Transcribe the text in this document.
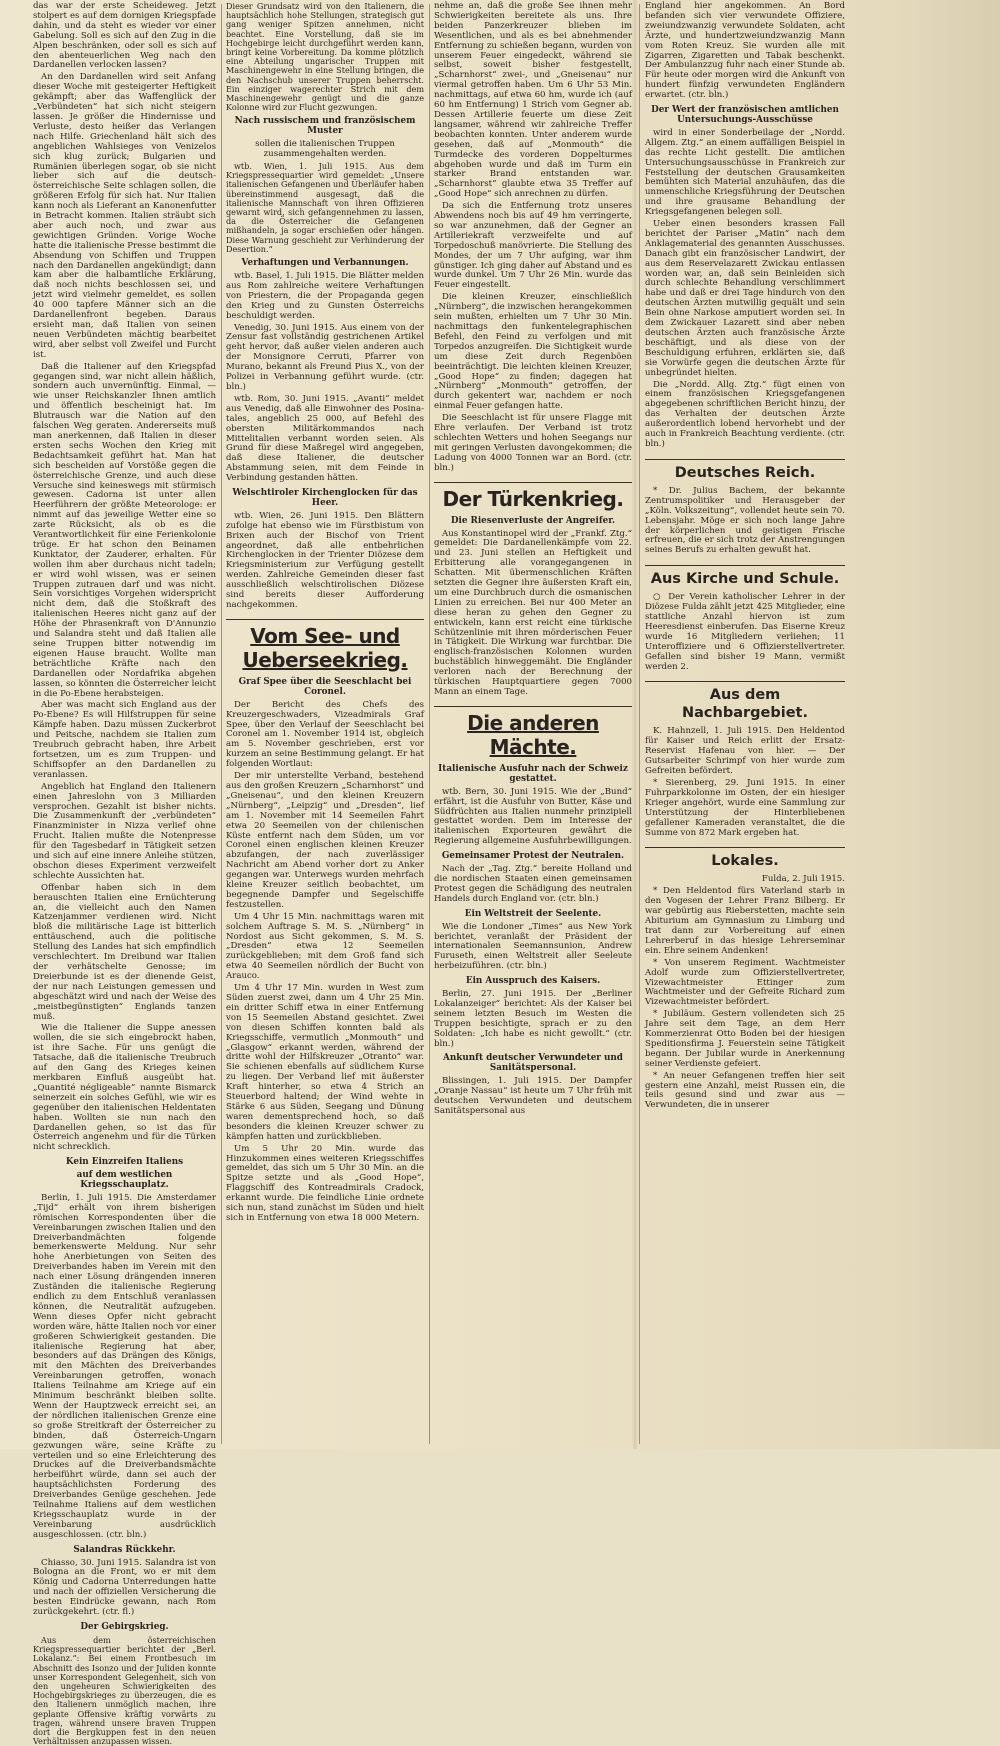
das war der erste Scheideweg. Jetzt stolpert es auf dem dornigen Kriegspfade dahin, und da steht es wieder vor einer Gabelung. Soll es sich auf den Zug in die Alpen beschränken, oder soll es sich auf den abenteuerlichen Weg nach den Dardanellen verlocken lassen?

An den Dardanellen wird seit Anfang dieser Woche mit gesteigerter Heftigkeit gekämpft; aber das Waffenglück der „Verbündeten“ hat sich nicht steigern lassen. Je größer die Hindernisse und Verluste, desto heißer das Verlangen nach Hilfe. Griechenland hält sich des angeblichen Wahlsieges von Venizelos sich klug zurück; Bulgarien und Rumänien überlegen sogar, ob sie nicht lieber sich auf die deutsch-österreichische Seite schlagen sollen, die größeren Erfolg für sich hat. Nur Italien kann noch als Lieferant an Kanonenfutter in Betracht kommen. Italien sträubt sich aber auch noch, und zwar aus gewichtigen Gründen. Vorige Woche hatte die italienische Presse bestimmt die Absendung von Schiffen und Truppen nach den Dardanellen angekündigt; dann kam aber die halbamtliche Erklärung, daß noch nichts beschlossen sei, und jetzt wird vielmehr gemeldet, es sollen 40 000 tapfere Männer sich an die Dardanellenfront begeben. Daraus ersieht man, daß Italien von seinen neuen Verbündeten mächtig bearbeitet wird, aber selbst voll Zweifel und Furcht ist.

Daß die Italiener auf den Kriegspfad gegangen sind, war nicht allein häßlich, sondern auch unvernünftig. Einmal, — wie unser Reichskanzler Ihnen amtlich und öffentlich bescheinigt hat. Im Blutrausch war die Nation auf den falschen Weg geraten. Andererseits muß man anerkennen, daß Italien in dieser ersten sechs Wochen den Krieg mit Bedachtsamkeit geführt hat. Man hat sich bescheiden auf Vorstöße gegen die österreichische Grenze, und auch diese Versuche sind keineswegs mit stürmisch gewesen. Cadorna ist unter allen Heerführern der größte Meteorologe: er nimmt auf das jeweilige Wetter eine so zarte Rücksicht, als ob es die Verantwortlichkeit für eine Ferienkolonie trüge. Er hat schon den Beinamen Kunktator, der Zauderer, erhalten. Für wollen ihm aber durchaus nicht tadeln; er wird wohl wissen, was er seinen Truppen zutrauen darf und was nicht. Sein vorsichtiges Vorgehen widerspricht nicht dem, daß die Stoßkraft des italienischen Heeres nicht ganz auf der Höhe der Phrasenkraft von D'Annunzio und Salandra steht und daß Italien alle seine Truppen bitter notwendig im eigenen Hause braucht. Wollte man beträchtliche Kräfte nach den Dardanellen oder Nordafrika abgehen lassen, so könnten die Österreicher leicht in die Po-Ebene herabsteigen.

Aber was macht sich England aus der Po-Ebene? Es will Hilfstruppen für seine Kämpfe haben. Dazu müssen Zuckerbrot und Peitsche, nachdem sie Italien zum Treubruch gebracht haben, ihre Arbeit fortsetzen, um es zum Truppen- und Schiffsopfer an den Dardanellen zu veranlassen.

Angeblich hat England den Italienern einen Jahreslohn von 3 Milliarden versprochen. Gezahlt ist bisher nichts. Die Zusammenkunft der „verbündeten“ Finanzminister in Nizza verlief ohne Frucht. Italien mußte die Notenpresse für den Tagesbedarf in Tätigkeit setzen und sich auf eine innere Anleihe stützen, obschon dieses Experiment verzweifelt schlechte Aussichten hat.

Offenbar haben sich in dem berauschten Italien eine Ernüchterung an, die vielleicht auch den Namen Katzenjammer verdienen wird. Nicht bloß die militärische Lage ist bitterlich enttäuschend, auch die politische Stellung des Landes hat sich empfindlich verschlechtert. Im Dreibund war Italien der verhätschelte Genosse; im Dreierbunde ist es der dienende Geist, der nur nach Leistungen gemessen und abgeschätzt wird und nach der Weise des „meistbegünstigten“ Englands tanzen muß.

Wie die Italiener die Suppe anessen wollen, die sie sich eingebrockt haben, ist ihre Sache. Für uns genügt die Tatsache, daß die italienische Treubruch auf den Gang des Krieges keinen merkbaren Einfluß ausgeübt hat. „Quantité négligeable“ nannte Bismarck seinerzeit ein solches Gefühl, wie wir es gegenüber den italienischen Heldentaten haben. Wollten sie nun nach den Dardanellen gehen, so ist das für Österreich angenehm und für die Türken nicht schrecklich.

Kein Einzreifen Italiens
auf dem westlichen Kriegsschauplatz.

Berlin, 1. Juli 1915. Die Amsterdamer „Tijd“ erhält von ihrem bisherigen römischen Korrespondenten über die Vereinbarungen zwischen Italien und den Dreiverbandmächten folgende bemerkenswerte Meldung. Nur sehr hohe Anerbietungen von Seiten des Dreiverbandes haben im Verein mit den nach einer Lösung drängenden inneren Zuständen die italienische Regierung endlich zu dem Entschluß veranlassen können, die Neutralität aufzugeben. Wenn dieses Opfer nicht gebracht worden wäre, hätte Italien noch vor einer großeren Schwierigkeit gestanden. Die italienische Regierung hat aber, besonders auf das Drängen des Königs, mit den Mächten des Dreiverbandes Vereinbarungen getroffen, wonach Italiens Teilnahme am Kriege auf ein Minimum beschränkt bleiben sollte. Wenn der Hauptzweck erreicht sei, an der nördlichen italienischen Grenze eine so große Streitkraft der Österreicher zu binden, daß Österreich-Ungarn gezwungen wäre, seine Kräfte zu verteilen und so eine Erleichterung des Druckes auf die Dreiverbandsmächte herbeiführt würde, dann sei auch der hauptsächlichsten Forderung des Dreiverbandes Genüge geschehen. Jede Teilnahme Italiens auf dem westlichen Kriegsschauplatz wurde in der Vereinbarung ausdrücklich ausgeschlossen. (ctr. bln.)

Salandras Rückkehr.

Chiasso, 30. Juni 1915. Salandra ist von Bologna an die Front, wo er mit dem König und Cadorna Unterredungen hatte und nach der offiziellen Versicherung die besten Eindrücke gewann, nach Rom zurückgekehrt. (ctr. fl.)

Der Gebirgskrieg.

Aus dem österreichischen Kriegspressequartier berichtet der „Berl. Lokalanz.“: Bei einem Frontbesuch im Abschnitt des Isonzo und der Juliden konnte unser Korrespondent Gelegenheit, sich von den ungeheuren Schwierigkeiten des Hochgebirgskrieges zu überzeugen, die es den Italienern unmöglich machen, ihre geplante Offensive kräftig vorwärts zu tragen, während unsere braven Truppen dort die Bergkuppen fest in den neuen Verhältnissen anzupassen wissen.

Dieser Grundsatz wird von den Italienern, die hauptsächlich hohe Stellungen, strategisch gut gang weniger Spitzen annehmen, nicht beachtet. Eine Vorstellung, daß sie im Hochgebirge leicht durchgeführt werden kann, bringt keine Vorbereitung. Da komme plötzlich eine Abteilung ungarischer Truppen mit Maschinengewehr in eine Stellung bringen, die den Nachschub unserer Truppen beherrscht. Ein einziger wagerechter Strich mit dem Maschinengewehr genügt und die ganze Kolonne wird zur Flucht gezwungen.

Nach russischem und französischem Muster

sollen die italienischen Truppen zusammengehalten werden.

wtb. Wien, 1. Juli 1915. Aus dem Kriegspressequartier wird gemeldet: „Unsere italienischen Gefangenen und Überläufer haben übereinstimmend ausgesagt, daß die italienische Mannschaft von ihren Offizieren gewarnt wird, sich gefangennehmen zu lassen, da die Österreicher die Gefangenen mißhandeln, ja sogar erschießen oder hängen. Diese Warnung geschieht zur Verhinderung der Desertion.“

Verhaftungen und Verbannungen.

wtb. Basel, 1. Juli 1915. Die Blätter melden aus Rom zahlreiche weitere Verhaftungen von Priestern, die der Propaganda gegen den Krieg und zu Gunsten Österreichs beschuldigt werden.

Venedig, 30. Juni 1915. Aus einem von der Zensur fast vollständig gestrichenen Artikel geht hervor, daß außer vielen anderen auch der Monsignore Cerruti, Pfarrer von Murano, bekannt als Freund Pius X., von der Polizei in Verbannung geführt wurde. (ctr. bln.)

wtb. Rom, 30. Juni 1915. „Avanti“ meldet aus Venedig, daß alle Einwohner des Posina-tales, angeblich 25 000, auf Befehl des obersten Militärkommandos nach Mittelitalien verbannt worden seien. Als Grund für diese Maßregel wird angegeben, daß diese Italiener, die deutscher Abstammung seien, mit dem Feinde in Verbindung gestanden hätten.

Welschtiroler Kirchenglocken für das Heer.

wtb. Wien, 26. Juni 1915. Den Blättern zufolge hat ebenso wie im Fürstbistum von Brixen auch der Bischof von Trient angeordnet, daß alle entbehrlichen Kirchenglocken in der Trienter Diözese dem Kriegsministerium zur Verfügung gestellt werden. Zahlreiche Gemeinden dieser fast ausschließlich welschtirolischen Diözese sind bereits dieser Aufforderung nachgekommen.

Vom See- und Ueberseekrieg.
Graf Spee über die Seeschlacht bei Coronel.

Der Bericht des Chefs des Kreuzergeschwaders, Vizeadmirals Graf Spee, über den Verlauf der Seeschlacht bei Coronel am 1. November 1914 ist, obgleich am 5. November geschrieben, erst vor kurzem an seine Bestimmung gelangt. Er hat folgenden Wortlaut:

Der mir unterstellte Verband, bestehend aus den großen Kreuzern „Scharnhorst“ und „Gneisenau“, und den kleinen Kreuzern „Nürnberg“, „Leipzig“ und „Dresden“, lief am 1. November mit 14 Seemeilen Fahrt etwa 20 Seemeilen von der chilenischen Küste entfernt nach dem Süden, um vor Coronel einen englischen kleinen Kreuzer abzufangen, der nach zuverlässiger Nachricht am Abend vorher dort zu Anker gegangen war. Unterwegs wurden mehrfach kleine Kreuzer seitlich beobachtet, um begegnende Dampfer und Segelschiffe festzustellen.

Um 4 Uhr 15 Min. nachmittags waren mit solchem Auftrage S. M. S. „Nürnberg“ in Nordost aus Sicht gekommen, S. M. S. „Dresden“ etwa 12 Seemeilen zurückgeblieben; mit dem Groß fand sich etwa 40 Seemeilen nördlich der Bucht von Arauco.

Um 4 Uhr 17 Min. wurden in West zum Süden zuerst zwei, dann um 4 Uhr 25 Min. ein dritter Schiff etwa in einer Entfernung von 15 Seemeilen Abstand gesichtet. Zwei von diesen Schiffen konnten bald als Kriegsschiffe, vermutlich „Monmouth“ und „Glasgow“ erkannt werden, während der dritte wohl der Hilfskreuzer „Otranto“ war. Sie schienen ebenfalls auf südlichem Kurse zu liegen. Der Verband lief mit äußerster Kraft hinterher, so etwa 4 Strich an Steuerbord haltend; der Wind wehte in Stärke 6 aus Süden, Seegang und Dünung waren dementsprechend hoch, so daß besonders die kleinen Kreuzer schwer zu kämpfen hatten und zurückblieben.

Um 5 Uhr 20 Min. wurde das Hinzukommen eines weiteren Kriegsschiffes gemeldet, das sich um 5 Uhr 30 Min. an die Spitze setzte und als „Good Hope“, Flaggschiff des Kontreadmirals Cradock, erkannt wurde. Die feindliche Linie ordnete sich nun, stand zunächst im Süden und hielt sich in Entfernung von etwa 18 000 Metern.

nehme an, daß die große See ihnen mehr Schwierigkeiten bereitete als uns. Ihre beiden Panzerkreuzer blieben im Wesentlichen, und als es bei abnehmender Entfernung zu schießen begann, wurden von unserem Feuer eingedeckt, während sie selbst, soweit bisher festgestellt, „Scharnhorst“ zwei-, und „Gneisenau“ nur viermal getroffen haben. Um 6 Uhr 53 Min. nachmittags, auf etwa 60 hm, wurde ich (auf 60 hm Entfernung) 1 Strich vom Gegner ab. Dessen Artillerie feuerte um diese Zeit langsamer, während wir zahlreiche Treffer beobachten konnten. Unter anderem wurde gesehen, daß auf „Monmouth“ die Turmdecke des vorderen Doppelturmes abgehoben wurde und daß im Turm ein starker Brand entstanden war. „Scharnhorst“ glaubte etwa 35 Treffer auf „Good Hope“ sich anrechnen zu dürfen.

Da sich die Entfernung trotz unseres Abwendens noch bis auf 49 hm verringerte, so war anzunehmen, daß der Gegner an Artilleriekraft verzweifelte und auf Torpedoschuß manövrierte. Die Stellung des Mondes, der um 7 Uhr aufging, war ihm günstiger. Ich ging daher auf Abstand und es wurde dunkel. Um 7 Uhr 26 Min. wurde das Feuer eingestellt.

Die kleinen Kreuzer, einschließlich „Nürnberg“, die inzwischen herangekommen sein mußten, erhielten um 7 Uhr 30 Min. nachmittags den funkentelegraphischen Befehl, den Feind zu verfolgen und mit Torpedos anzugreifen. Die Sichtigkeit wurde um diese Zeit durch Regenböen beeinträchtigt. Die leichten kleinen Kreuzer, „Good Hope“ zu finden; dagegen hat „Nürnberg“ „Monmouth“ getroffen, der durch gekentert war, nachdem er noch einmal Feuer gefangen hatte.

Die Seeschlacht ist für unsere Flagge mit Ehre verlaufen. Der Verband ist trotz schlechten Wetters und hohen Seegangs nur mit geringen Verlusten davongekommen; die Ladung von 4000 Tonnen war an Bord. (ctr. bln.)

Der Türkenkrieg.
Die Riesenverluste der Angreifer.

Aus Konstantinopel wird der „Frankf. Ztg.“ gemeldet: Die Dardanellenkämpfe vom 22. und 23. Juni stellen an Heftigkeit und Erbitterung alle vorangegangenen in Schatten. Mit übermenschlichen Kräften setzten die Gegner ihre äußersten Kraft ein, um eine Durchbruch durch die osmanischen Linien zu erreichen. Bei nur 400 Meter an diese heran zu gehen den Gegner zu entwickeln, kann erst reicht eine türkische Schützenlinie mit ihren mörderischen Feuer in Tätigkeit. Die Wirkung war furchtbar. Die englisch-französischen Kolonnen wurden buchstäblich hinweggemäht. Die Engländer verloren nach der Berechnung der türkischen Hauptquartiere gegen 7000 Mann an einem Tage.

Die anderen Mächte.
Italienische Ausfuhr nach der Schweiz gestattet.

wtb. Bern, 30. Juni 1915. Wie der „Bund“ erfährt, ist die Ausfuhr von Butter, Käse und Südfrüchten aus Italien nunmehr prinzipiell gestattet worden. Dem im Interesse der italienischen Exporteuren gewährt die Regierung allgemeine Ausfuhrbewilligungen.

Gemeinsamer Protest der Neutralen.

Nach der „Tag. Ztg.“ bereite Holland und die nordischen Staaten einen gemeinsamen Protest gegen die Schädigung des neutralen Handels durch England vor. (ctr. bln.)

Ein Weltstreit der Seelente.

Wie die Londoner „Times“ aus New York berichtet, veranlaßt der Präsident der internationalen Seemannsunion, Andrew Furuseth, einen Weltstreit aller Seeleute herbeizuführen. (ctr. bln.)

Ein Ausspruch des Kaisers.

Berlin, 27. Juni 1915. Der „Berliner Lokalanzeiger“ berichtet: Als der Kaiser bei seinem letzten Besuch im Westen die Truppen besichtigte, sprach er zu den Soldaten: „Ich habe es nicht gewollt.“ (ctr. bln.)

Ankunft deutscher Verwundeter und Sanitätspersonal.

Blissingen, 1. Juli 1915. Der Dampfer „Oranje Nassau“ ist heute um 7 Uhr früh mit deutschen Verwundeten und deutschem Sanitätspersonal aus

England hier angekommen. An Bord befanden sich vier verwundete Offiziere, zweiundzwanzig verwundete Soldaten, acht Ärzte, und hundertzweiundzwanzig Mann vom Roten Kreuz. Sie wurden alle mit Zigarren, Zigaretten und Tabak beschenkt. Der Ambulanzzug fuhr nach einer Stunde ab. Für heute oder morgen wird die Ankunft von hundert fünfzig verwundeten Engländern erwartet. (ctr. bln.)

Der Wert der französischen amtlichen Untersuchungs-Ausschüsse

wird in einer Sonderbeilage der „Nordd. Allgem. Ztg.“ an einem auffälligen Beispiel in das rechte Licht gestellt. Die amtlichen Untersuchungsausschüsse in Frankreich zur Feststellung der deutschen Grausamkeiten bemühten sich Material anzuhäufen, das die unmenschliche Kriegsführung der Deutschen und ihre grausame Behandlung der Kriegsgefangenen belegen soll.

Ueber einen besonders krassen Fall berichtet der Pariser „Matin“ nach dem Anklagematerial des genannten Ausschusses. Danach gibt ein französischer Landwirt, der aus dem Reservelazarett Zwickau entlassen worden war, an, daß sein Beinleiden sich durch schlechte Behandlung verschlimmert habe und daß er drei Tage hindurch von den deutschen Ärzten mutwillig gequält und sein Bein ohne Narkose amputiert worden sei. In dem Zwickauer Lazarett sind aber neben deutschen Ärzten auch französische Ärzte beschäftigt, und als diese von der Beschuldigung erfuhren, erklärten sie, daß sie Vorwürfe gegen die deutschen Ärzte für unbegründet hielten.

Die „Nordd. Allg. Ztg.“ fügt einen von einem französischen Kriegsgefangenen abgegebenen schriftlichen Bericht hinzu, der das Verhalten der deutschen Ärzte außerordentlich lobend hervorhebt und der auch in Frankreich Beachtung verdiente. (ctr. bln.)

Deutsches Reich.

* Dr. Julius Bachem, der bekannte Zentrumspolitiker und Herausgeber der „Köln. Volkszeitung“, vollendet heute sein 70. Lebensjahr. Möge er sich noch lange Jahre der körperlichen und geistigen Frische erfreuen, die er sich trotz der Anstrengungen seines Berufs zu erhalten gewußt hat.

Aus Kirche und Schule.

○ Der Verein katholischer Lehrer in der Diözese Fulda zählt jetzt 425 Mitglieder, eine stattliche Anzahl hiervon ist zum Heeresdienst einberufen. Das Eiserne Kreuz wurde 16 Mitgliedern verliehen; 11 Unteroffiziere und 6 Offizierstellvertreter. Gefallen sind bisher 19 Mann, vermißt werden 2.

Aus dem Nachbargebiet.

K. Hahnzell, 1. Juli 1915. Den Heldentod für Kaiser und Reich erlitt der Ersatz-Reservist Hafenau von hier. — Der Gutsarbeiter Schrimpf von hier wurde zum Gefreiten befördert.

* Sierenberg, 29. Juni 1915. In einer Fuhrparkkolonne im Osten, der ein hiesiger Krieger angehört, wurde eine Sammlung zur Unterstützung der Hinterbliebenen gefallener Kameraden veranstaltet, die die Summe von 872 Mark ergeben hat.

Lokales.

Fulda, 2. Juli 1915.

* Den Heldentod fürs Vaterland starb in den Vogesen der Lehrer Franz Bilberg. Er war gebürtig aus Rieberstetten, machte sein Abiturium am Gymnasium zu Limburg und trat dann zur Vorbereitung auf einen Lehrerberuf in das hiesige Lehrerseminar ein. Ehre seinem Andenken!

* Von unserem Regiment. Wachtmeister Adolf wurde zum Offizierstellvertreter, Vizewachtmeister Ettinger zum Wachtmeister und der Gefreite Richard zum Vizewachtmeister befördert.

* Jubiläum. Gestern vollendeten sich 25 Jahre seit dem Tage, an dem Herr Kommerzienrat Otto Boden bei der hiesigen Speditionsfirma J. Feuerstein seine Tätigkeit begann. Der Jubilar wurde in Anerkennung seiner Verdienste gefeiert.

* An neuer Gefangenen treffen hier seit gestern eine Anzahl, meist Russen ein, die teils gesund sind und zwar aus — Verwundeten, die in unserer
